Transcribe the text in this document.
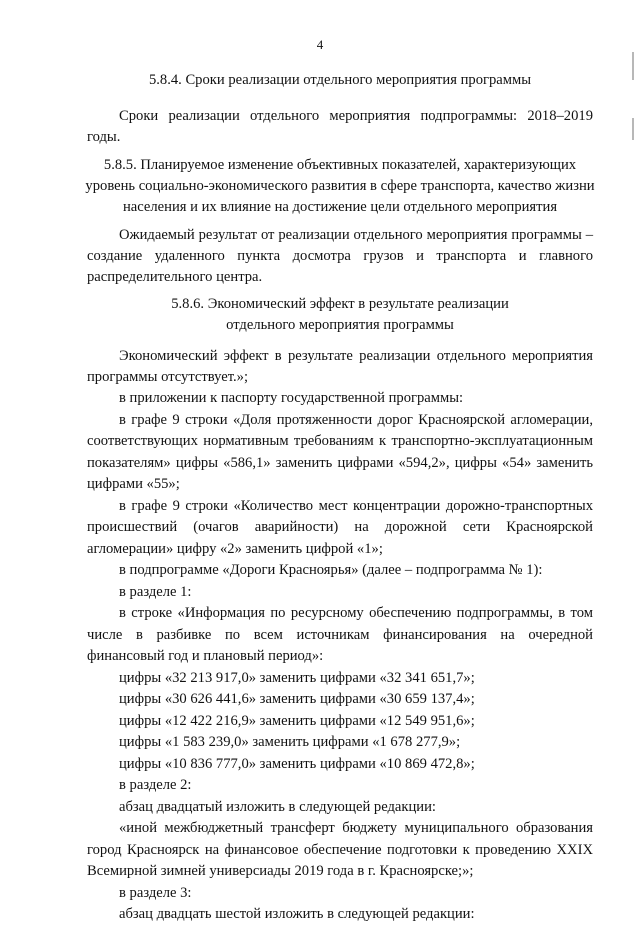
4
5.8.4. Сроки реализации отдельного мероприятия программы
Сроки реализации отдельного мероприятия подпрограммы: 2018–2019 годы.
5.8.5. Планируемое изменение объективных показателей, характеризующих уровень социально-экономического развития в сфере транспорта, качество жизни населения и их влияние на достижение цели отдельного мероприятия
Ожидаемый результат от реализации отдельного мероприятия программы – создание удаленного пункта досмотра грузов и транспорта и главного распределительного центра.
5.8.6. Экономический эффект в результате реализации отдельного мероприятия программы
Экономический эффект в результате реализации отдельного мероприятия программы отсутствует.»;
в приложении к паспорту государственной программы:
в графе 9 строки «Доля протяженности дорог Красноярской агломерации, соответствующих нормативным требованиям к транспортно-эксплуатационным показателям» цифры «586,1» заменить цифрами «594,2», цифры «54» заменить цифрами «55»;
в графе 9 строки «Количество мест концентрации дорожно-транспортных происшествий (очагов аварийности) на дорожной сети Красноярской агломерации» цифру «2» заменить цифрой «1»;
в подпрограмме «Дороги Красноярья» (далее – подпрограмма № 1):
в разделе 1:
в строке «Информация по ресурсному обеспечению подпрограммы, в том числе в разбивке по всем источникам финансирования на очередной финансовый год и плановый период»:
цифры «32 213 917,0» заменить цифрами «32 341 651,7»;
цифры «30 626 441,6» заменить цифрами «30 659 137,4»;
цифры «12 422 216,9» заменить цифрами «12 549 951,6»;
цифры «1 583 239,0» заменить цифрами «1 678 277,9»;
цифры «10 836 777,0» заменить цифрами «10 869 472,8»;
в разделе 2:
абзац двадцатый изложить в следующей редакции:
«иной межбюджетный трансферт бюджету муниципального образования город Красноярск на финансовое обеспечение подготовки к проведению XXIX Всемирной зимней универсиады 2019 года в г. Красноярске;»;
в разделе 3:
абзац двадцать шестой изложить в следующей редакции:
